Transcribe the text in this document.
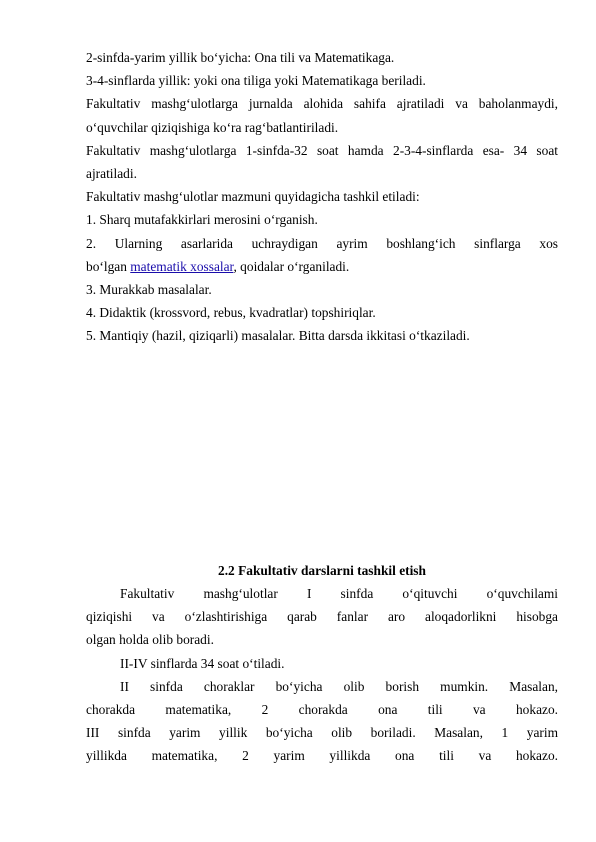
2-sinfda-yarim yillik bo‘yicha: Ona tili va Matematikaga.
3-4-sinflarda yillik: yoki ona tiliga yoki Matematikaga beriladi.
Fakultativ mashg‘ulotlarga jurnalda alohida sahifa ajratiladi va baholanmaydi,
o‘quvchilar qiziqishiga ko‘ra rag‘batlantiriladi.
Fakultativ mashg‘ulotlarga 1-sinfda-32 soat hamda 2-3-4-sinflarda esa- 34 soat
ajratiladi.
Fakultativ mashg‘ulotlar mazmuni quyidagicha tashkil etiladi:
1. Sharq mutafakkirlari merosini o‘rganish.
2. Ularning asarlarida uchraydigan ayrim boshlang‘ich sinflarga xos
bo‘lgan matematik xossalar, qoidalar o‘rganiladi.
3. Murakkab masalalar.
4. Didaktik (krossvord, rebus, kvadratlar) topshiriqlar.
5. Mantiqiy (hazil, qiziqarli) masalalar. Bitta darsda ikkitasi o‘tkaziladi.
2.2 Fakultativ darslarni tashkil etish
Fakultativ mashg‘ulotlar I sinfda o‘qituvchi o‘quvchilami
qiziqishi va o‘zlashtirishiga qarab fanlar aro aloqadorlikni hisobga
olgan holda olib boradi.
II-IV sinflarda 34 soat o‘tiladi.
II sinfda choraklar bo‘yicha olib borish mumkin. Masalan,
chorakda matematika, 2 chorakda ona tili va hokazo.
III sinfda yarim yillik bo‘yicha olib boriladi. Masalan, 1 yarim
yillikda matematika, 2 yarim yillikda ona tili va hokazo.
